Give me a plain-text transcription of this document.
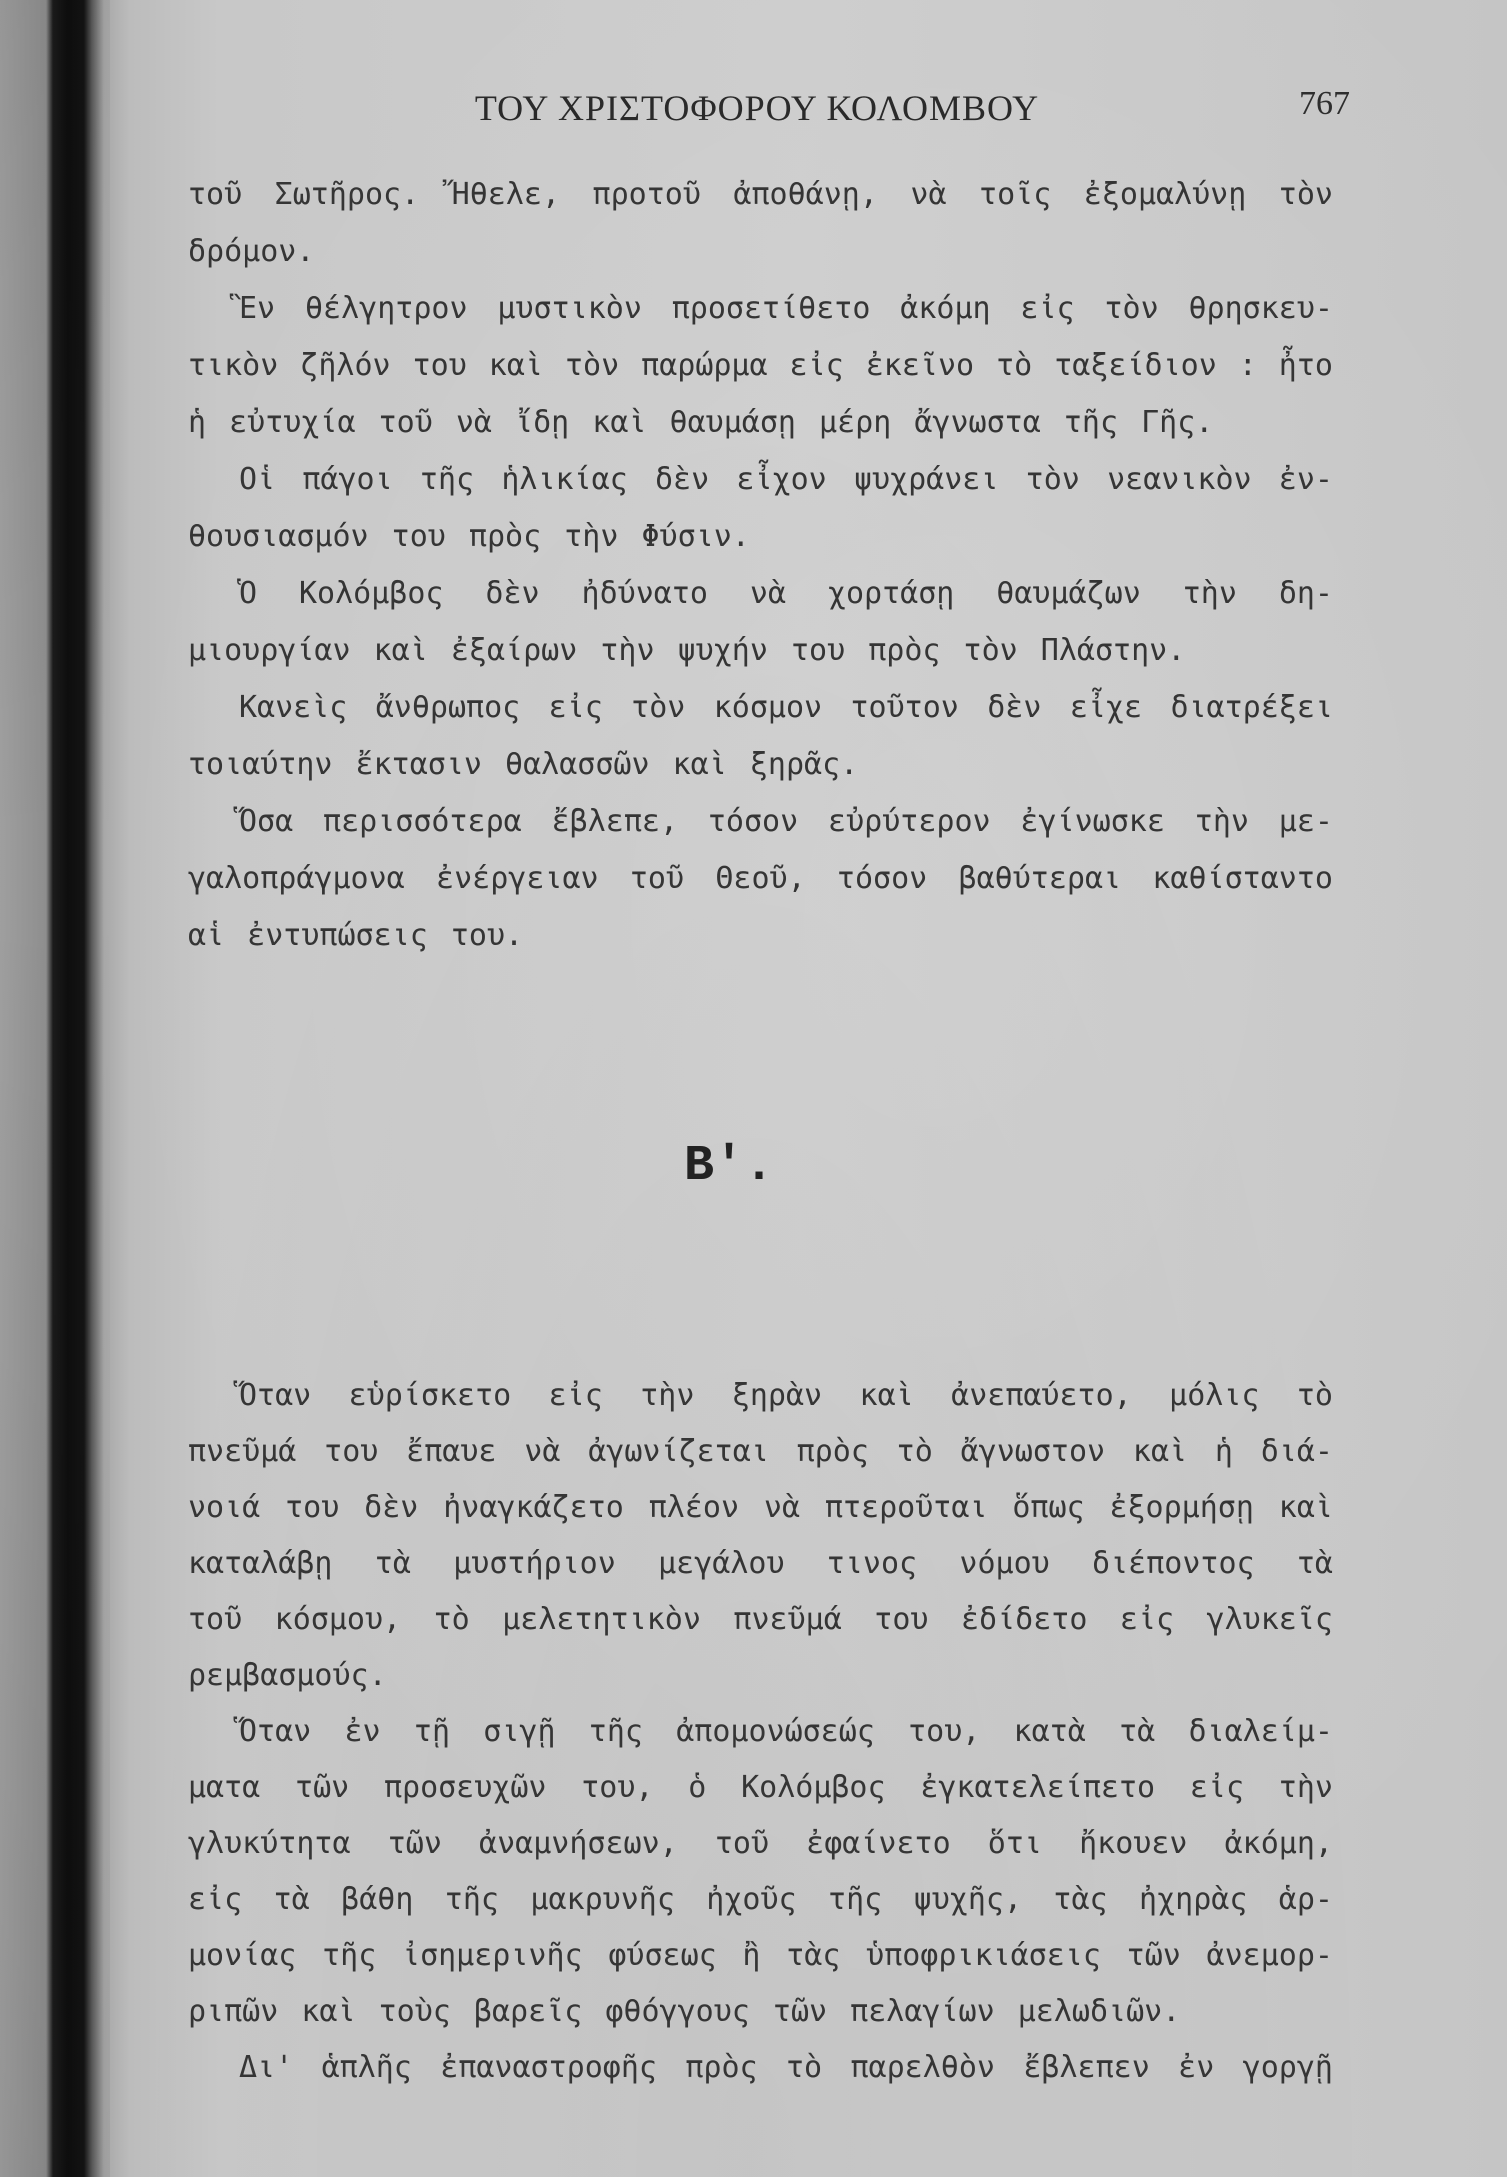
ΤΟΥ ΧΡΙΣΤΟΦΟΡΟΥ ΚΟΛΟΜΒΟΥ	767
τοῦ Σωτῆρος. Ἤθελε, προτοῦ ἀποθάνῃ, νὰ τοῖς ἐξομαλύνῃ τὸν
δρόμον.
Ἓν θέλγητρον μυστικὸν προσετίθετο ἀκόμη εἰς τὸν θρησκευ-
τικὸν ζῆλόν του καὶ τὸν παρώρμα εἰς ἐκεῖνο τὸ ταξείδιον : ἦτο
ἡ εὐτυχία τοῦ νὰ ἴδῃ καὶ θαυμάσῃ μέρη ἄγνωστα τῆς Γῆς.
Οἱ πάγοι τῆς ἡλικίας δὲν εἶχον ψυχράνει τὸν νεανικὸν ἐν-
θουσιασμόν του πρὸς τὴν Φύσιν.
Ὁ Κολόμβος δὲν ἠδύνατο νὰ χορτάσῃ θαυμάζων τὴν δη-
μιουργίαν καὶ ἐξαίρων τὴν ψυχήν του πρὸς τὸν Πλάστην.
Κανεὶς ἄνθρωπος εἰς τὸν κόσμον τοῦτον δὲν εἶχε διατρέξει
τοιαύτην ἔκτασιν θαλασσῶν καὶ ξηρᾶς.
Ὅσα περισσότερα ἔβλεπε, τόσον εὐρύτερον ἐγίνωσκε τὴν με-
γαλοπράγμονα ἐνέργειαν τοῦ Θεοῦ, τόσον βαθύτεραι καθίσταντο
αἱ ἐντυπώσεις του.
Β'.
Ὅταν εὑρίσκετο εἰς τὴν ξηρὰν καὶ ἀνεπαύετο, μόλις τὸ
πνεῦμά του ἔπαυε νὰ ἀγωνίζεται πρὸς τὸ ἄγνωστον καὶ ἡ διά-
νοιά του δὲν ἠναγκάζετο πλέον νὰ πτεροῦται ὅπως ἐξορμήσῃ καὶ
καταλάβῃ τὰ μυστήριον μεγάλου τινος νόμου διέποντος τὰ
τοῦ κόσμου, τὸ μελετητικὸν πνεῦμά του ἐδίδετο εἰς γλυκεῖς
ρεμβασμούς.
Ὅταν ἐν τῇ σιγῇ τῆς ἀπομονώσεώς του, κατὰ τὰ διαλείμ-
ματα τῶν προσευχῶν του, ὁ Κολόμβος ἐγκατελείπετο εἰς τὴν
γλυκύτητα τῶν ἀναμνήσεων, τοῦ ἐφαίνετο ὅτι ἤκουεν ἀκόμη,
εἰς τὰ βάθη τῆς μακρυνῆς ἠχοῦς τῆς ψυχῆς, τὰς ἠχηρὰς ἁρ-
μονίας τῆς ἰσημερινῆς φύσεως ἢ τὰς ὑποφρικιάσεις τῶν ἀνεμορ-
ριπῶν καὶ τοὺς βαρεῖς φθόγγους τῶν πελαγίων μελωδιῶν.
Δι' ἁπλῆς ἐπαναστροφῆς πρὸς τὸ παρελθὸν ἔβλεπεν ἐν γοργῇ
